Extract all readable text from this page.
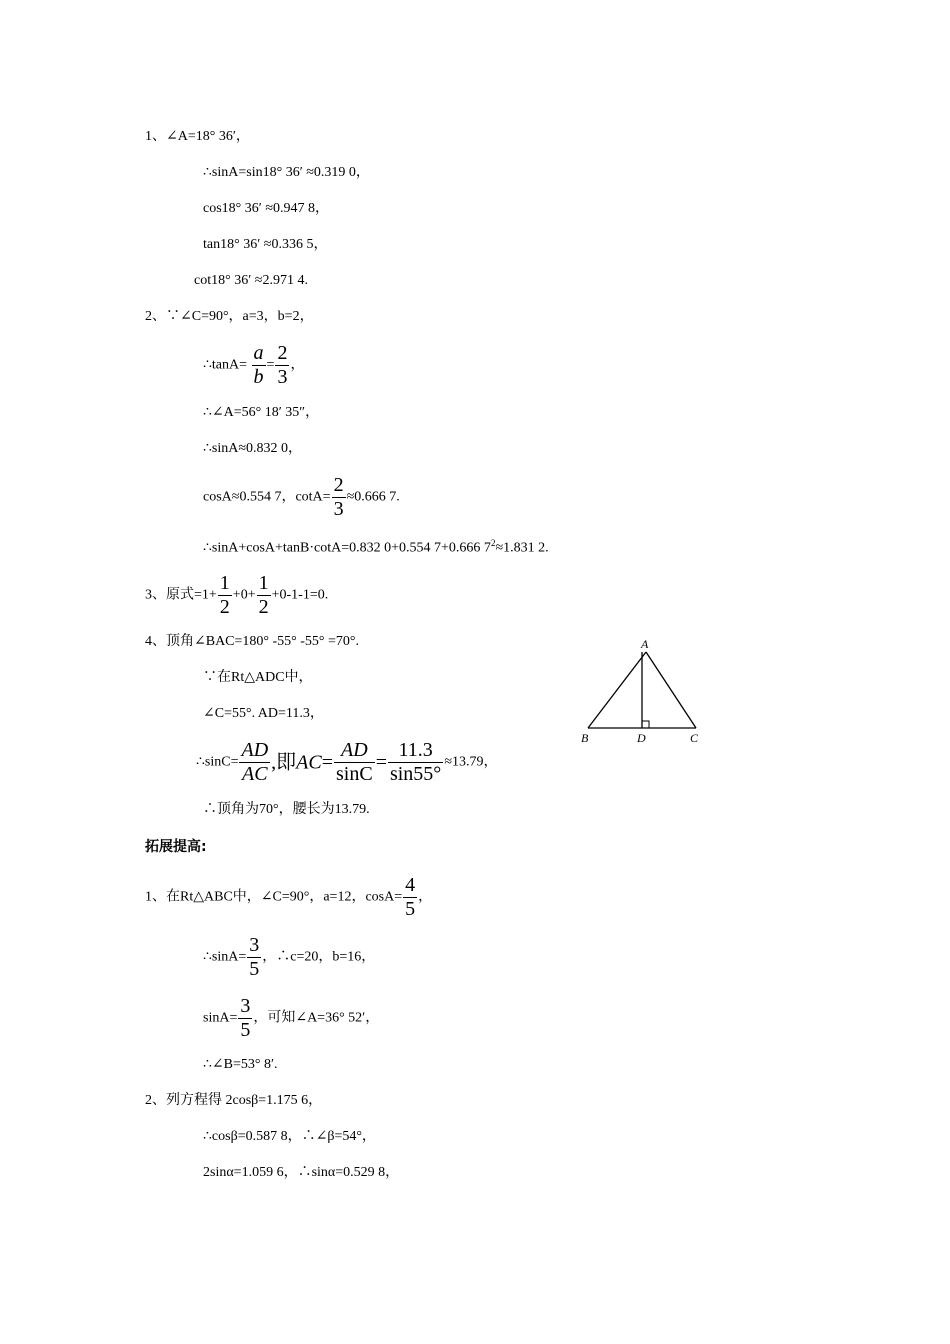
1、∠A=18° 36′，
∴sinA=sin18° 36′ ≈0.319 0，
cos18° 36′ ≈0.947 8，
tan18° 36′ ≈0.336 5，
cot18° 36′ ≈2.971 4.
2、∵∠C=90°，a=3，b=2，
∴tanA= $\frac{a}{b} = \frac{2}{3}$ ，
∴∠A=56° 18′ 35″，
∴sinA≈0.832 0，
cosA≈0.554 7，$\cot A= \frac{2}{3} \approx 0.666$ 7.
∴sinA+cosA+tanB·cotA=0.832 0+0.554 7+0.666 $7^2\approx 1.831$ 2.
3、原式$=1+ \frac{1}{2} +0+ \frac{1}{2} +0-1-1=0$.
4、顶角∠BAC=180° -55° -55° =70°.
∵在Rt△ADC中，
∠C=55°. AD=11.3，
∴sinC= $\frac{AD}{AC}$ ,即$AC= \frac{AD}{\sin C} = \frac{11.3}{\sin 55^\circ} \approx 13.79$，
∴顶角为70°，腰长为13.79.
A
B	D	C
拓展提高:
1、在Rt△ABC中，∠C=90°，a=12，$\cos A= \frac{4}{5}$ ，
∴sinA= $\frac{3}{5}$ ，∴c=20，b=16，
$\sin A= \frac{3}{5}$ ，可知∠A=36° 52′，
∴∠B=53° 8′.
2、列方程得 2cosβ=1.175 6，
∴cosβ=0.587 8，∴∠β=54°，
2sinα=1.059 6，∴sinα=0.529 8，
